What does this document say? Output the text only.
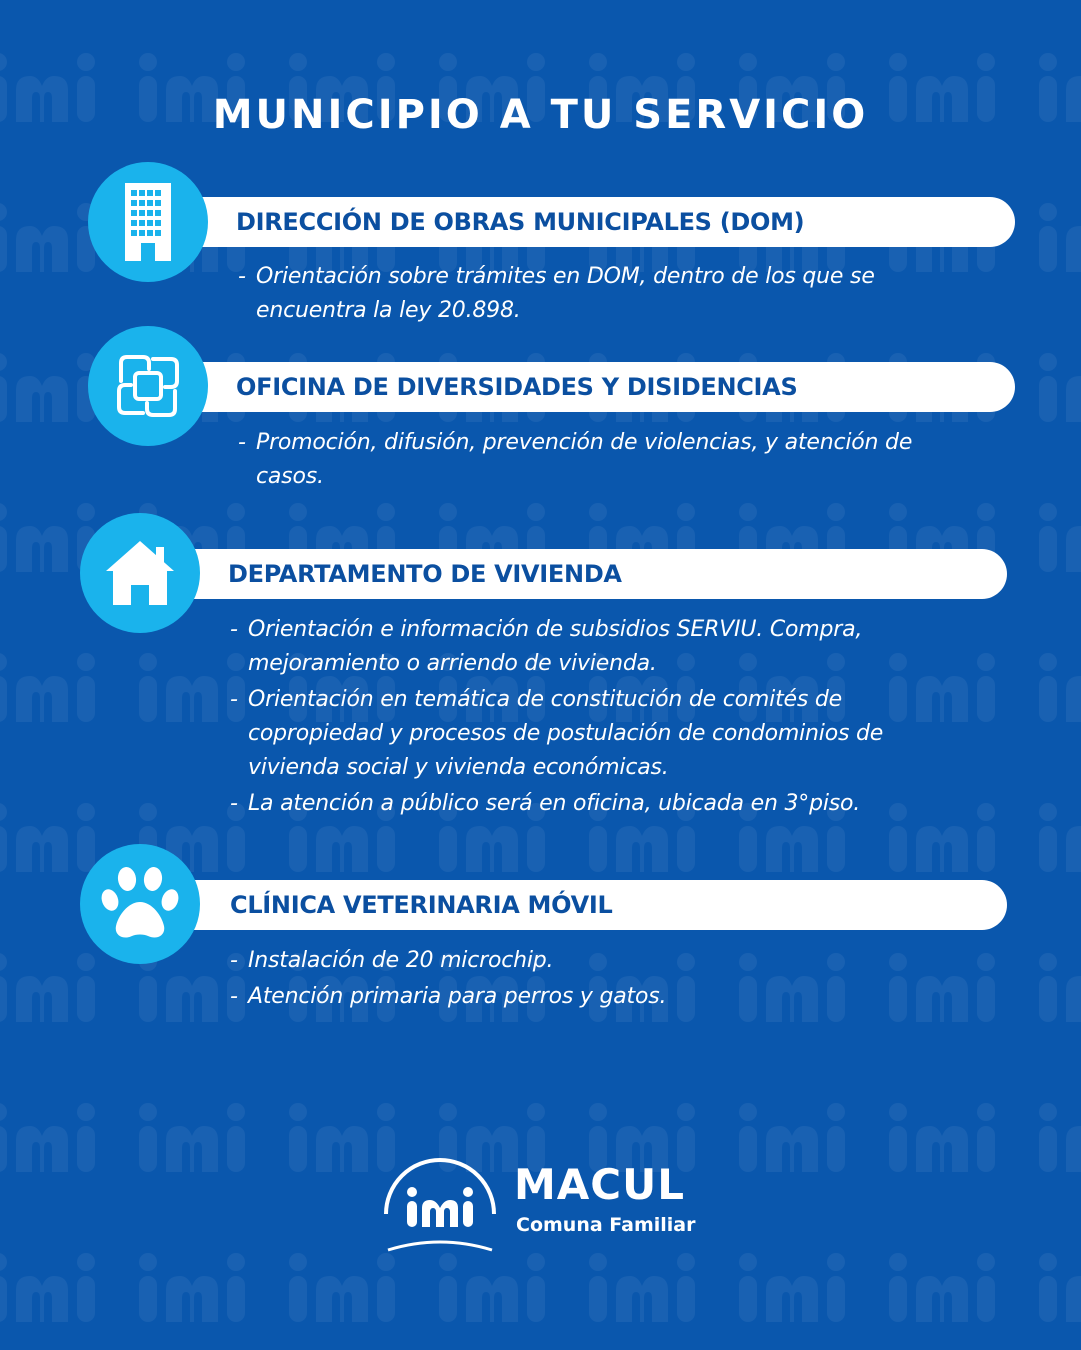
MUNICIPIO A TU SERVICIO
DIRECCIÓN DE OBRAS MUNICIPALES (DOM)
- Orientación sobre trámites en DOM, dentro de los que se encuentra la ley 20.898.
OFICINA DE DIVERSIDADES Y DISIDENCIAS
- Promoción, difusión, prevención de violencias, y atención de casos.
DEPARTAMENTO DE VIVIENDA
- Orientación e información de subsidios SERVIU. Compra, mejoramiento o arriendo de vivienda.
- Orientación en temática de constitución de comités de copropiedad y procesos de postulación de condominios de vivienda social y vivienda económicas.
- La atención a público será en oficina, ubicada en 3°piso.
CLÍNICA VETERINARIA MÓVIL
- Instalación de 20 microchip.
- Atención primaria para perros y gatos.
MACUL
Comuna Familiar
